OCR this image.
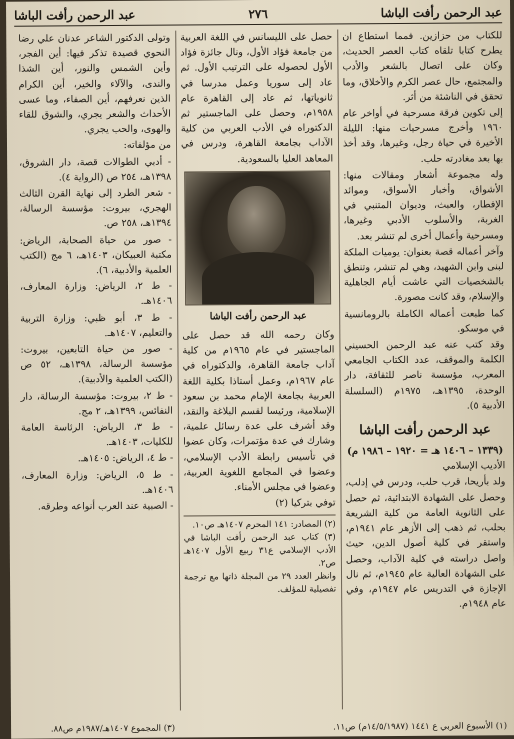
عبد الرحمن رأفت الباشا
٢٧٦
عبد الرحمن رأفت الباشا

للكتاب من حزازين. فمما استطاع ان يطرح كتابا تلقاه كتاب العصر الحديث، وكان على اتصال بالشعر والأدب والمجتمع، حال عصر الكرم والأخلاق، وما تحقق في الناشئة من أثر.

إلى تكوين فرقة مسرحية في أواخر عام ١٩٦٠ وأخرج مسرحيات منها: الليلة الأخيرة في حياة رجل، وغيرها، وقد أخذ بها بعد مغادرته حلب.

وله مجموعة أشعار ومقالات منها: الأشواق، وأخبار الأسواق، وموائد الإفطار، والعبث، وديوان المتنبي في الغربة، والأسلوب الأدبي وغيرها، ومسرحية وأعمال أخرى لم تنشر بعد.

وآخر أعماله قصة بعنوان: يوميات الملكة لبنى وابن الشهيد، وهي لم تنشر، وتنطق بالشخصيات التي عاشت أيام الجاهلية والإسلام، وقد كانت مصورة.

كما طبعت أعماله الكاملة بالرومانسية في موسكو.

وقد كتب عنه عبد الرحمن الحسيني الكلمة والموقف، عدد الكتاب الجامعي المعرب، مؤسسة ناصر للثقافة، دار الوحدة، ١٣٩٥هـ، ١٩٧٥م (السلسلة الأدبية ٥).

عبد الرحمن رأفت الباشا
(١٣٣٩ – ١٤٠٦ هـ = ١٩٢٠ – ١٩٨٦ م)

الأديب الإسلامي

ولد بأريحا، قرب حلب، ودرس في إدلب، وحصل على الشهادة الابتدائية، ثم حصل على الثانوية العامة من كلية الشريعة بحلب، ثم ذهب إلى الأزهر عام ١٩٤١م، واستقر في كلية أصول الدين، حيث واصل دراسته في كلية الآداب، وحصل على الشهادة العالية عام ١٩٤٥م، ثم نال الإجازة في التدريس عام ١٩٤٧م، وفي عام ١٩٤٨م.

(١) الأسبوع العربي ع ١٤٤١ (١٤/٥/١٩٨٧م) ص١١.

حصل على الليسانس في اللغة العربية من جامعة فؤاد الأول، ونال جائزة فؤاد الأول لحصوله على الترتيب الأول. ثم عاد إلى سوريا وعمل مدرسا في ثانوياتها، ثم عاد إلى القاهرة عام ١٩٥٨م، وحصل على الماجستير ثم الدكتوراه في الأدب العربي من كلية الآداب بجامعة القاهرة، ودرس في المعاهد العليا بالسعودية.

عبد الرحمن رأفت الباشا

وكان رحمه الله قد حصل على الماجستير في عام ١٩٦٥م من كلية آداب جامعة القاهرة، والدكتوراه في عام ١٩٦٧م، وعمل أستاذا بكلية اللغة العربية بجامعة الإمام محمد بن سعود الإسلامية، ورئيسا لقسم البلاغة والنقد، وقد أشرف على عدة رسائل علمية، وشارك في عدة مؤتمرات، وكان عضوا في تأسيس رابطة الأدب الإسلامي، وعضوا في المجامع اللغوية العربية، وعضوا في مجلس الأمناء.

توفي بتركيا (٢)

(٢) المصادر: ١٤١ المحرم ١٤٠٧هـ ص١٠.
(٣) كتاب عبد الرحمن رأفت الباشا في الأدب الإسلامي ع٣١ ربيع الأول ١٤٠٧هـ ص٢.
وانظر العدد ٢٩ من المجلة ذاتها مع ترجمة تفصيلية للمؤلف.

وتولى الدكتور الشاعر عدنان علي رضا النحوي قصيدة تذكر فيها: أين الفجر، وأين الشمس والنور، أين الشذا والندى، والآلاء والخير، أين الكرام الذين نعرفهم، أين الصفاء، وما عسى الأحداث والشعر يجري، والشوق للقاء والهوى، والحب يجري.

من مؤلفاته:

- أدبي الطوالات قصة، دار الشروق، ١٣٩٨هـ، ٢٥٤ ص (الرواية ٤).

- شعر الطرد إلى نهاية القرن الثالث الهجري، بيروت: مؤسسة الرسالة، ١٣٩٤هـ، ٢٥٨ ص.

- صور من حياة الصحابة، الرياض: مكتبة العبيكان، ١٤٠٣هـ، ٦ مج (الكتب العلمية والأدبية، ٦).

- ط ٢، الرياض: وزارة المعارف، ١٤٠٦هـ.

- ط ٣، أبو ظبي: وزارة التربية والتعليم، ١٤٠٧هـ.

- صور من حياة التابعين، بيروت: مؤسسة الرسالة، ١٣٩٨هـ، ٥٢ ص (الكتب العلمية والأدبية).

- ط ٢، بيروت: مؤسسة الرسالة، دار النفائس، ١٣٩٩هـ، ٢ مج.

- ط ٣، الرياض: الرئاسة العامة للكليات، ١٤٠٣هـ.

- ط ٤، الرياض: ١٤٠٥هـ.

- ط ٥، الرياض: وزارة المعارف، ١٤٠٦هـ.

- الصبية عند العرب أنواعه وطرقه.

(٣) المجموع ١٤٠٧هـ/١٩٨٧م ص٨٨.
